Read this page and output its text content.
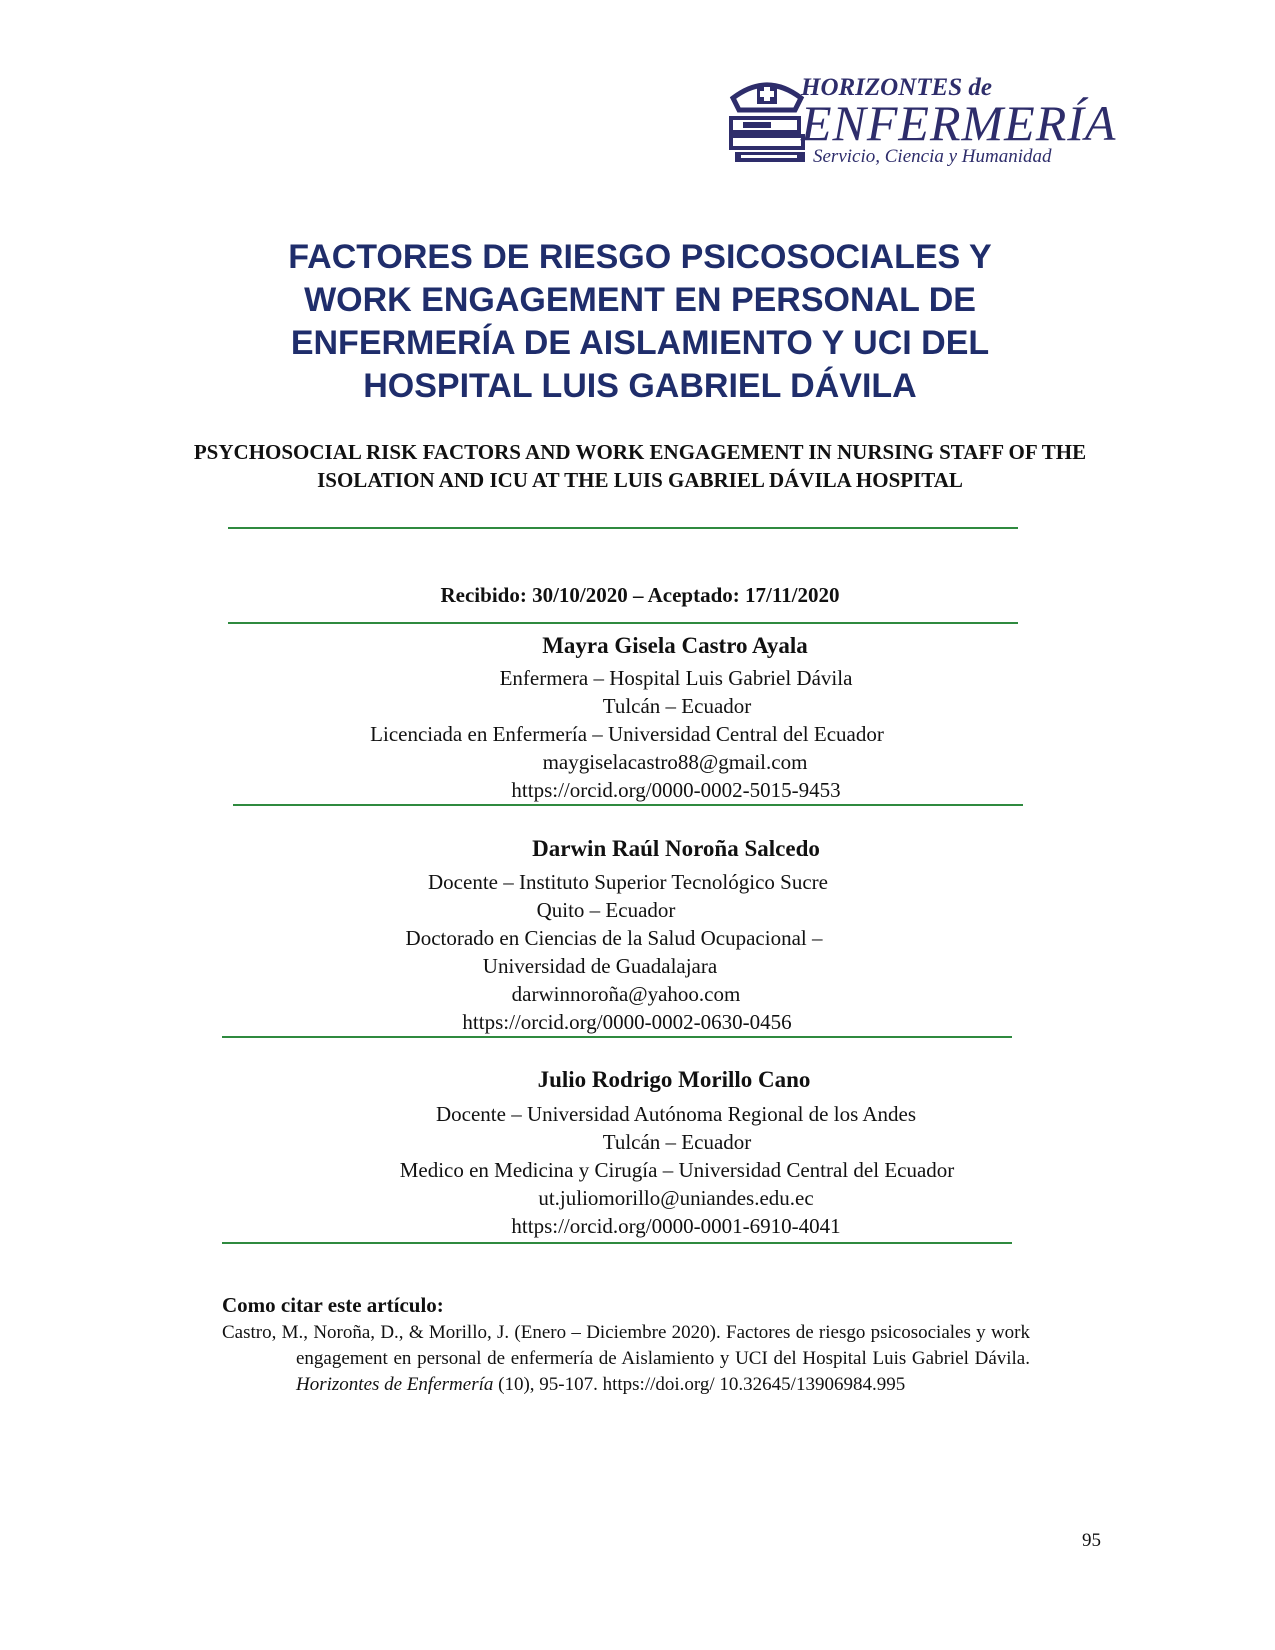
HORIZONTES de
ENFERMERÍA
Servicio, Ciencia y Humanidad
FACTORES DE RIESGO PSICOSOCIALES Y
WORK ENGAGEMENT EN PERSONAL DE
ENFERMERÍA DE AISLAMIENTO Y UCI DEL
HOSPITAL LUIS GABRIEL DÁVILA
PSYCHOSOCIAL RISK FACTORS AND WORK ENGAGEMENT IN NURSING STAFF OF THE
ISOLATION AND ICU AT THE LUIS GABRIEL DÁVILA HOSPITAL
Recibido: 30/10/2020 – Aceptado: 17/11/2020
Mayra Gisela Castro Ayala
Enfermera – Hospital Luis Gabriel Dávila
Tulcán – Ecuador
Licenciada en Enfermería – Universidad Central del Ecuador
maygiselacastro88@gmail.com
https://orcid.org/0000-0002-5015-9453
Darwin Raúl Noroña Salcedo
Docente – Instituto Superior Tecnológico Sucre
Quito – Ecuador
Doctorado en Ciencias de la Salud Ocupacional –
Universidad de Guadalajara
darwinnoroña@yahoo.com
https://orcid.org/0000-0002-0630-0456
Julio Rodrigo Morillo Cano
Docente – Universidad Autónoma Regional de los Andes
Tulcán – Ecuador
Medico en Medicina y Cirugía – Universidad Central del Ecuador
ut.juliomorillo@uniandes.edu.ec
https://orcid.org/0000-0001-6910-4041
Como citar este artículo:
Castro, M., Noroña, D., & Morillo, J. (Enero – Diciembre 2020). Factores de riesgo psicosociales y work engagement en personal de enfermería de Aislamiento y UCI del Hospital Luis Gabriel Dávila. Horizontes de Enfermería (10), 95-107. https://doi.org/ 10.32645/13906984.995
95
